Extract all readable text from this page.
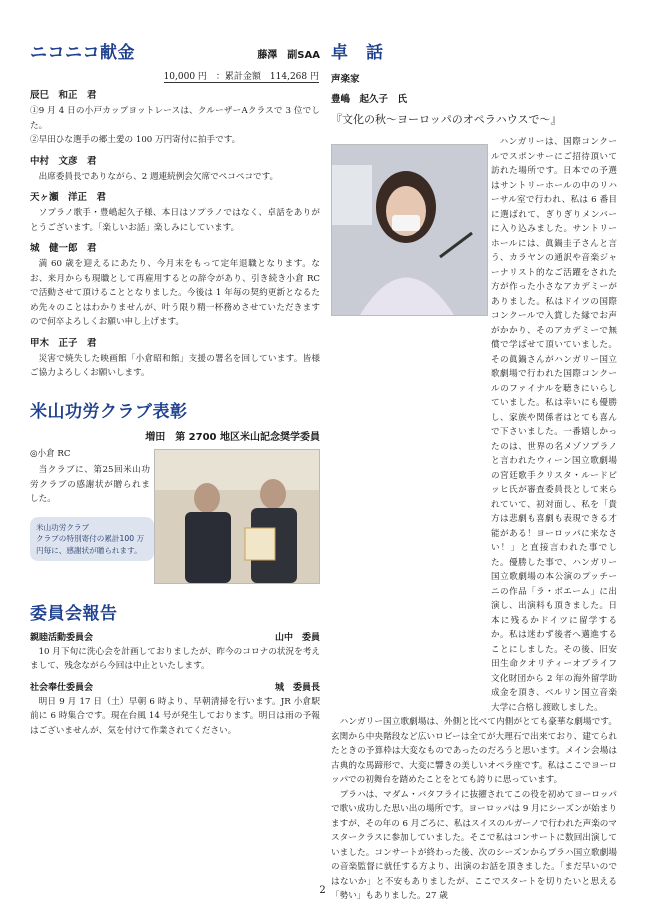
ニコニコ献金	藤澤　副SAA
10,000 円　：累計金額　114,268 円
辰巳　和正　君
①9 月 4 日の小戸カップヨットレースは、クルーザーAクラスで 3 位でした。
②早田ひな選手の郷土愛の 100 万円寄付に拍手です。
中村　文彦　君
出席委員長でありながら、2 週連続例会欠席でペコペコです。
天ヶ瀬　洋正　君
ソプラノ歌手・豊嶋起久子様、本日はソプラノではなく、卓話をありがとうございます。「楽しいお話」楽しみにしています。
城　健一郎　君
満 60 歳を迎えるにあたり、今月末をもって定年退職となります。なお、来月からも現職として再雇用するとの辞令があり、引き続き小倉 RC で活動させて頂けることとなりました。今後は 1 年毎の契約更新となるため先々のことはわかりませんが、叶う限り精一杯務めさせていただきますので何卒よろしくお願い申し上げます。
甲木　正子　君
災害で焼失した映画館「小倉昭和館」支援の署名を回しています。皆様ご協力よろしくお願いします。
米山功労クラブ表彰
増田　第 2700 地区米山記念奨学委員
◎小倉 RC
当クラブに、第25回米山功労クラブの感謝状が贈られました。
米山功労クラブ
クラブの特別寄付の累計100 万円毎に、感謝状が贈られます。
委員会報告
親睦活動委員会	山中　委員
10 月下旬に洗心会を計画しておりましたが、昨今のコロナの状況を考えまして、残念ながら今回は中止といたします。
社会奉仕委員会	城　委員長
明日 9 月 17 日（土）早朝 6 時より、早朝清掃を行います。JR 小倉駅前に 6 時集合です。現在台風 14 号が発生しております。明日は雨の予報はございませんが、気を付けて作業されてください。
卓　話
声楽家
豊嶋　起久子　氏
『文化の秋～ヨーロッパのオペラハウスで～』
ハンガリーは、国際コンクールでスポンサーにご招待頂いて訪れた場所です。日本での予選はサントリーホールの中のリハーサル室で行われ、私は 6 番目に選ばれて、ぎりぎりメンバーに入り込みました。サントリーホールには、眞鍋圭子さんと言う、カラヤンの通訳や音楽ジャーナリスト的なご活躍をされた方が作った小さなアカデミーがありました。私はドイツの国際コンクールで入賞した縁でお声がかかり、そのアカデミーで無償で学ばせて頂いていました。その眞鍋さんがハンガリー国立歌劇場で行われた国際コンクールのファイナルを聴きにいらしていました。私は幸いにも優勝し、家族や関係者はとても喜んで下さいました。一番嬉しかったのは、世界の名メゾソプラノと言われたウィーン国立歌劇場の宮廷歌手クリスタ・ルードビッヒ氏が審査委員長として来られていて、初対面し、私を「貴方は悲劇も喜劇も表現できる才能がある！ヨーロッパに来なさい！」と直接言われた事でした。優勝した事で、ハンガリー国立歌劇場の本公演のプッチーニの作品「ラ・ボエーム」に出演し、出演料も頂きました。日本に残るかドイツに留学するか。私は迷わず後者へ邁進することにしました。その後、旧安田生命クオリティーオブライフ文化財団から 2 年の海外留学助成金を頂き、ベルリン国立音楽大学に合格し渡欧しました。
ハンガリー国立歌劇場は、外側と比べて内側がとても豪華な劇場です。玄関から中央階段など広いロビーは全てが大理石で出来ており、建てられたときの予算枠は大変なものであったのだろうと思います。メイン会場は古典的な馬蹄形で、大変に響きの美しいオペラ座です。私はここでヨーロッパでの初舞台を踏めたことをとても誇りに思っています。
プラハは、マダム・バタフライに抜擢されてこの役を初めてヨーロッパで歌い成功した思い出の場所です。ヨーロッパは 9 月にシーズンが始まりますが、その年の 6 月ごろに、私はスイスのルガーノで行われた声楽のマスタークラスに参加していました。そこで私はコンサートに数回出演していました。コンサートが終わった後、次のシーズンからプラハ国立歌劇場の音楽監督に就任する方より、出演のお話を頂きました。「まだ早いのではないか」と不安もありましたが、ここでスタートを切りたいと思える「勢い」もありました。27 歳
2
